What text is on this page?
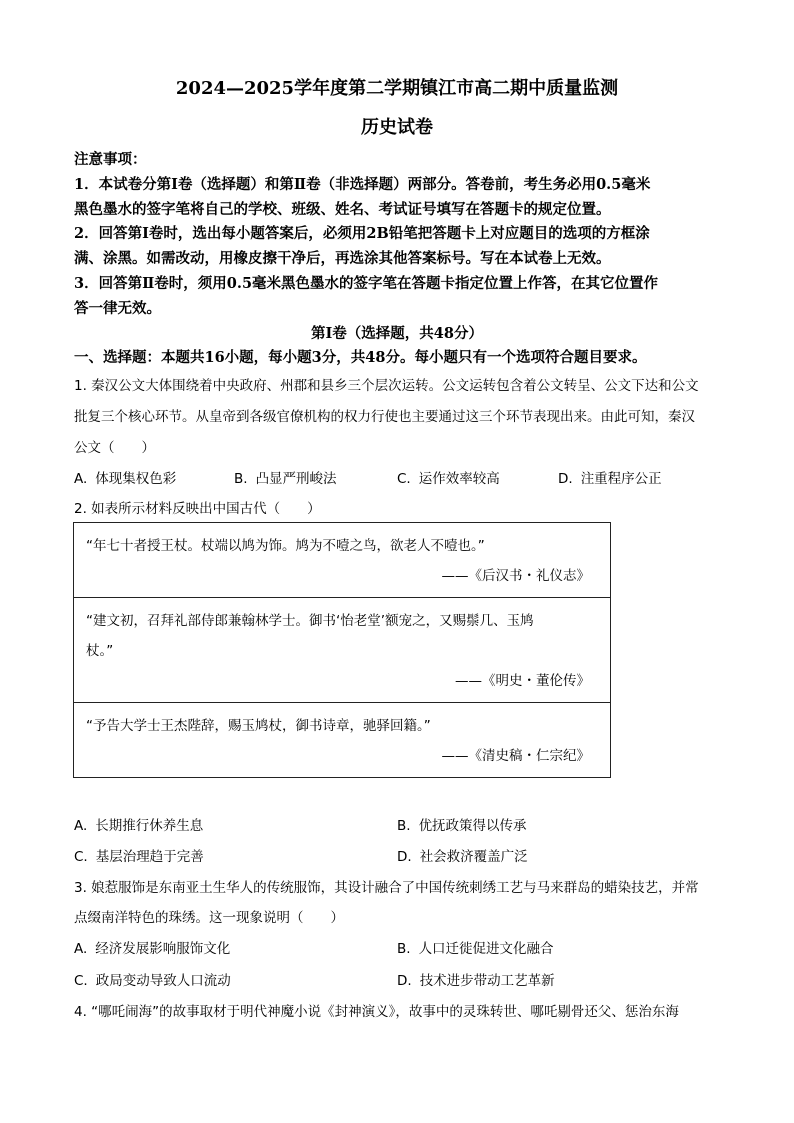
2024—2025学年度第二学期镇江市高二期中质量监测
历史试卷
注意事项：
1．本试卷分第Ⅰ卷（选择题）和第Ⅱ卷（非选择题）两部分。答卷前，考生务必用0.5毫米
黑色墨水的签字笔将自己的学校、班级、姓名、考试证号填写在答题卡的规定位置。
2．回答第Ⅰ卷时，选出每小题答案后，必须用2B铅笔把答题卡上对应题目的选项的方框涂
满、涂黑。如需改动，用橡皮擦干净后，再选涂其他答案标号。写在本试卷上无效。
3．回答第Ⅱ卷时，须用0.5毫米黑色墨水的签字笔在答题卡指定位置上作答，在其它位置作
答一律无效。
第Ⅰ卷（选择题，共48分）
一、选择题：本题共16小题，每小题3分，共48分。每小题只有一个选项符合题目要求。
1. 秦汉公文大体围绕着中央政府、州郡和县乡三个层次运转。公文运转包含着公文转呈、公文下达和公文
批复三个核心环节。从皇帝到各级官僚机构的权力行使也主要通过这三个环节表现出来。由此可知，秦汉
公文（　　）
A. 体现集权色彩	B. 凸显严刑峻法	C. 运作效率较高	D. 注重程序公正
2. 如表所示材料反映出中国古代（　　）
“年七十者授王杖。杖端以鸠为饰。鸠为不噎之鸟，欲老人不噎也。”
——《后汉书・礼仪志》

“建文初，召拜礼部侍郎兼翰林学士。御书‘怡老堂’额宠之，又赐鬃几、玉鸠
杖。”
——《明史・董伦传》

“予告大学士王杰陛辞，赐玉鸠杖，御书诗章，驰驿回籍。”
——《清史稿・仁宗纪》
A. 长期推行休养生息	B. 优抚政策得以传承
C. 基层治理趋于完善	D. 社会救济覆盖广泛
3. 娘惹服饰是东南亚土生华人的传统服饰，其设计融合了中国传统刺绣工艺与马来群岛的蜡染技艺，并常
点缀南洋特色的珠绣。这一现象说明（　　）
A. 经济发展影响服饰文化	B. 人口迁徙促进文化融合
C. 政局变动导致人口流动	D. 技术进步带动工艺革新
4. “哪吒闹海”的故事取材于明代神魔小说《封神演义》，故事中的灵珠转世、哪吒剔骨还父、惩治东海
